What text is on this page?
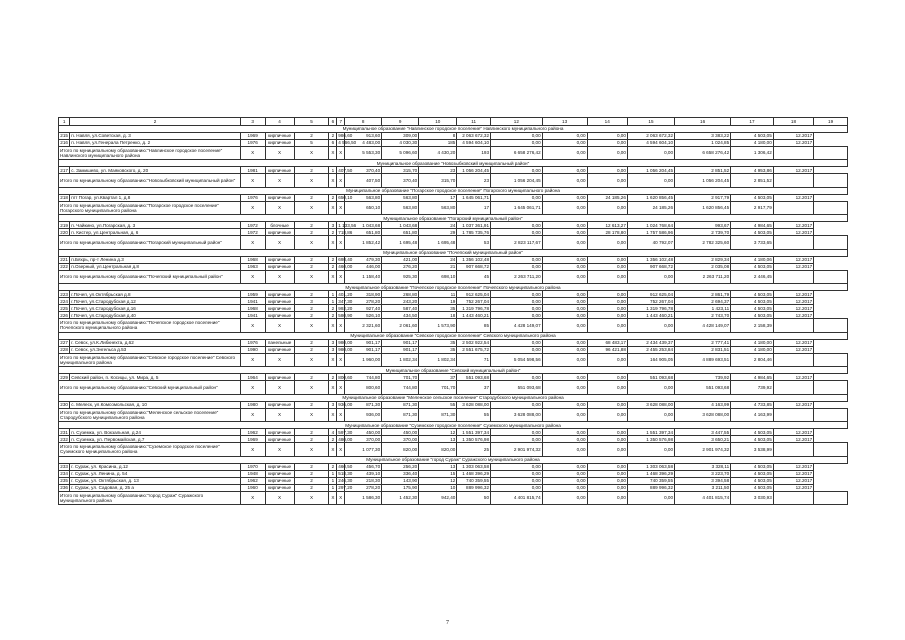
1	2	3	4	5	6	7	8	9	10	11	12	13	14	15	16	17	18	19
Муниципальное образование "Навлинское городское поселение" Навлинского муниципального района																		
215	п. Навля, ул.Советская, д. 3	1969	кирпичные	2	2	986,60	913,60	309,00	8	2 063 672,32	0,00	0,00	0,00	2 063 672,32	3 383,22	4 503,05	12.2017	
216	п. Навля, ул.Генерала Петренко, д. 2	1976	кирпичные	5	6	4 566,50	4 483,00	4 030,30	185	4 594 604,10	0,00	0,00	0,00	4 594 604,10	1 024,85	4 180,00	12.2017	
Итого по муниципальному образованию:"Навлинское городское поселение" Навлинского муниципального района		X	X	X	X	X	5 553,30	5 096,60	4 430,20	193	6 658 276,42	0,00	0,00	0,00	6 658 276,42	1 306,42		
Муниципальное образование "Новозыбковский муниципальный район"																		
217	с. Замишево, ул. Маяковского, д. 20	1981	кирпичные	2	1	407,50	370,40	315,70	23	1 056 204,45	0,00	0,00	0,00	1 056 204,45	2 851,52	4 953,86	12.2017	
Итого по муниципальному образованию:"Новозыбковский муниципальный район"		X	X	X	X	X	407,50	370,40	315,70	23	1 056 204,45	0,00	0,00	0,00	1 056 204,45	2 851,52		
Муниципальное образование "Погарское городское поселение" Погарского муниципального района																		
218	пгт Погар, ул.Квартал 1, д.8	1976	кирпичные	2	2	650,10	563,80	563,80	17	1 645 061,71	0,00	0,00	24 185,26	1 620 856,45	2 917,79	4 503,05	12.2017	
Итого по муниципальному образованию:"Погарское городское поселение" Погарского муниципального района		X	X	X	X	X	650,10	563,80	563,80	17	1 645 061,71	0,00	0,00	24 185,26	1 620 856,45	2 917,79		
Муниципальное образование "Погарский муниципальный район"																		
219	п. Чайкино, ул.Погарская, д. 3	1972	блочные	2	3	1 133,56	1 043,68	1 043,68	24	1 037 361,91	0,00	0,00	12 613,27	1 024 768,64	993,67	4 984,65	12.2017	
220	п. Кистер, ул.Центральная, д. 6	1972	кирпичные	2	2	718,86	651,80	651,80	29	1 785 735,76	0,00	0,00	28 178,80	1 757 586,96	2 739,70	4 503,05	12.2017	
Итого по муниципальному образованию:"Погарский муниципальный район"		X	X	X	X	X	1 852,42	1 695,48	1 695,48	53	2 823 117,67	0,00	0,00	40 792,07	2 782 325,60	3 733,65		
Муниципальное образование "Почепский муниципальный район"																		
221	п.Бяхрь, пр-т Ленина д.3	1968	кирпичные	2	2	698,40	479,30	421,00	24	1 356 102,48	0,00	0,00	0,00	1 356 102,48	2 829,34	4 180,06	12.2017	
222	п.Озерный, ул.Центральная д.8	1963	кирпичные	2	2	460,00	446,00	276,20	21	907 668,72	0,00	0,00	0,00	907 668,72	2 035,08	4 503,05	12.2017	
Итого по муниципальному образованию:"Почепский муниципальный район"		X	X	X	X	X	1 158,40	925,30	698,10	45	2 263 711,20	0,00	0,00	0,00	2 263 711,20	2 446,45		
Муниципальное образование "Почепское городское поселение" Почепского муниципального района																		
223	г.Почеп, ул.Октябрьская д.8	1959	кирпичные	2	1	401,20	318,90	268,80	11	912 625,04	0,00	0,00	0,00	912 625,04	2 861,79	4 503,05	12.2017	
224	г.Почеп, ул.Стародубская д.12	1941	кирпичные	3	1	347,30	278,20	243,20	19	752 267,04	0,00	0,00	0,00	752 267,04	2 694,37	4 503,05	12.2017	
225	г.Почеп, ул.Стародубская д.16	1968	кирпичные	2	2	992,20	927,40	587,40	35	1 319 796,78	0,00	0,00	0,00	1 319 796,78	1 423,11	4 503,05	12.2017	
226	г.Почеп, ул.Стародубская д.40	1941	кирпичные	2	2	580,90	526,10	434,50	18	1 443 460,21	0,00	0,00	0,00	1 443 460,21	2 743,70	4 503,05	12.2017	
Итого по муниципальному образованию:"Почепское городское поселение" Почепского муниципального района		X	X	X	X	X	2 321,60	2 061,60	1 573,90	85	4 428 149,07	0,00	0,00	0,00	4 428 149,07	2 158,39		
Муниципальное образование "Севское городское поселение" Севского муниципального района																		
227	г. Севск, ул.К.Либкнехта, д.62	1976	панельные	2	3	980,00	901,17	901,17	35	2 502 922,54	0,00	0,00	68 483,17	2 434 439,37	2 777,41	4 180,00	12.2017	
228	г. Севск, ул.Энгельса д.53	1990	кирпичные	2	3	980,00	901,17	901,17	35	2 551 675,72	0,00	0,00	96 421,88	2 455 253,84	2 831,51	4 180,00	12.2017	
Итого по муниципальному образованию:"Севское городское поселение" Севского муниципального района		X	X	X	X	X	1 960,00	1 802,34	1 802,34	71	5 054 598,56	0,00	0,00	164 905,05	4 889 693,51	2 804,46		
Муниципальное образование "Севский муниципальный район"																		
229	Севский район, п. Косицы, ул. Мира, д. 5	1964	кирпичные	2	2	800,60	744,80	701,70	37	551 093,68	0,00	0,00	0,00	551 093,68	739,92	4 984,65	12.2017	
Итого по муниципальному образованию:"Севский муниципальный район"		X	X	X	X	X	800,60	744,80	701,70	37	551 093,68	0,00	0,00	0,00	551 093,68	739,92		
Муниципальное образование "Меленское сельское поселение" Стародубского муниципального района																		
230	с. Мелеск, ул.Комсомольская, д. 10	1980	кирпичные	2	3	936,00	871,30	871,30	55	3 628 088,00	0,00	0,00	0,00	3 628 088,00	4 163,99	4 733,85	12.2017	
Итого по муниципальному образованию:"Меленское сельское поселение" Стародубского муниципального района		X	X	X	X	X	936,00	871,30	871,30	55	3 628 088,00	0,00	0,00	0,00	3 628 088,00	4 163,99		
Муниципальное образование "Суземское городское поселение" Суземского муниципального района																		
231	п. Суземка, ул. Вокзальная, д.24	1962	кирпичные	2	4	597,30	450,00	450,00	12	1 551 397,34	0,00	0,00	0,00	1 551 397,34	3 447,55	4 503,05	12.2017	
232	п. Суземка, ул. Первомайская, д.7	1969	кирпичные	2	2	480,00	370,00	370,00	13	1 350 576,98	0,00	0,00	0,00	1 350 576,98	3 650,21	4 503,05	12.2017	
Итого по муниципальному образованию:"Суземское городское поселение" Суземского муниципального района		X	X	X	X	X	1 077,30	820,00	820,00	25	2 901 974,32	0,00	0,00	0,00	2 901 974,32	3 538,99		
Муниципальное образование "город Сураж" Суражского муниципального района																		
233	г. Сураж, ул. Красина, д.12	1970	кирпичные	2	2	460,50	456,70	256,20	13	1 303 063,58	0,00	0,00	0,00	1 303 063,58	3 328,11	4 503,05	12.2017	
234	г. Сураж, ул. Ленина, д. 54	1948	кирпичные	2	1	518,30	439,10	336,40	15	1 468 396,29	0,00	0,00	0,00	1 468 396,29	3 223,70	4 503,05	12.2017	
235	г. Сураж, ул. Октябрьская, д. 13	1962	кирпичные	2	1	246,30	218,30	143,90	12	740 359,55	0,00	0,00	0,00	740 359,55	3 394,58	4 503,05	12.2017	
236	г. Сураж, ул. Садовая, д. 25 а	1960	кирпичные	2	1	297,20	278,20	175,90	10	889 996,32	0,00	0,00	0,00	889 996,32	3 211,50	4 503,05	12.2017	
Итого по муниципальному образованию:"город Сураж" Суражского муниципального района		X	X	X	X	X	1 586,30	1 452,30	942,40	50	4 401 815,74	0,00	0,00	0,00	4 401 815,74	3 030,93		
7
